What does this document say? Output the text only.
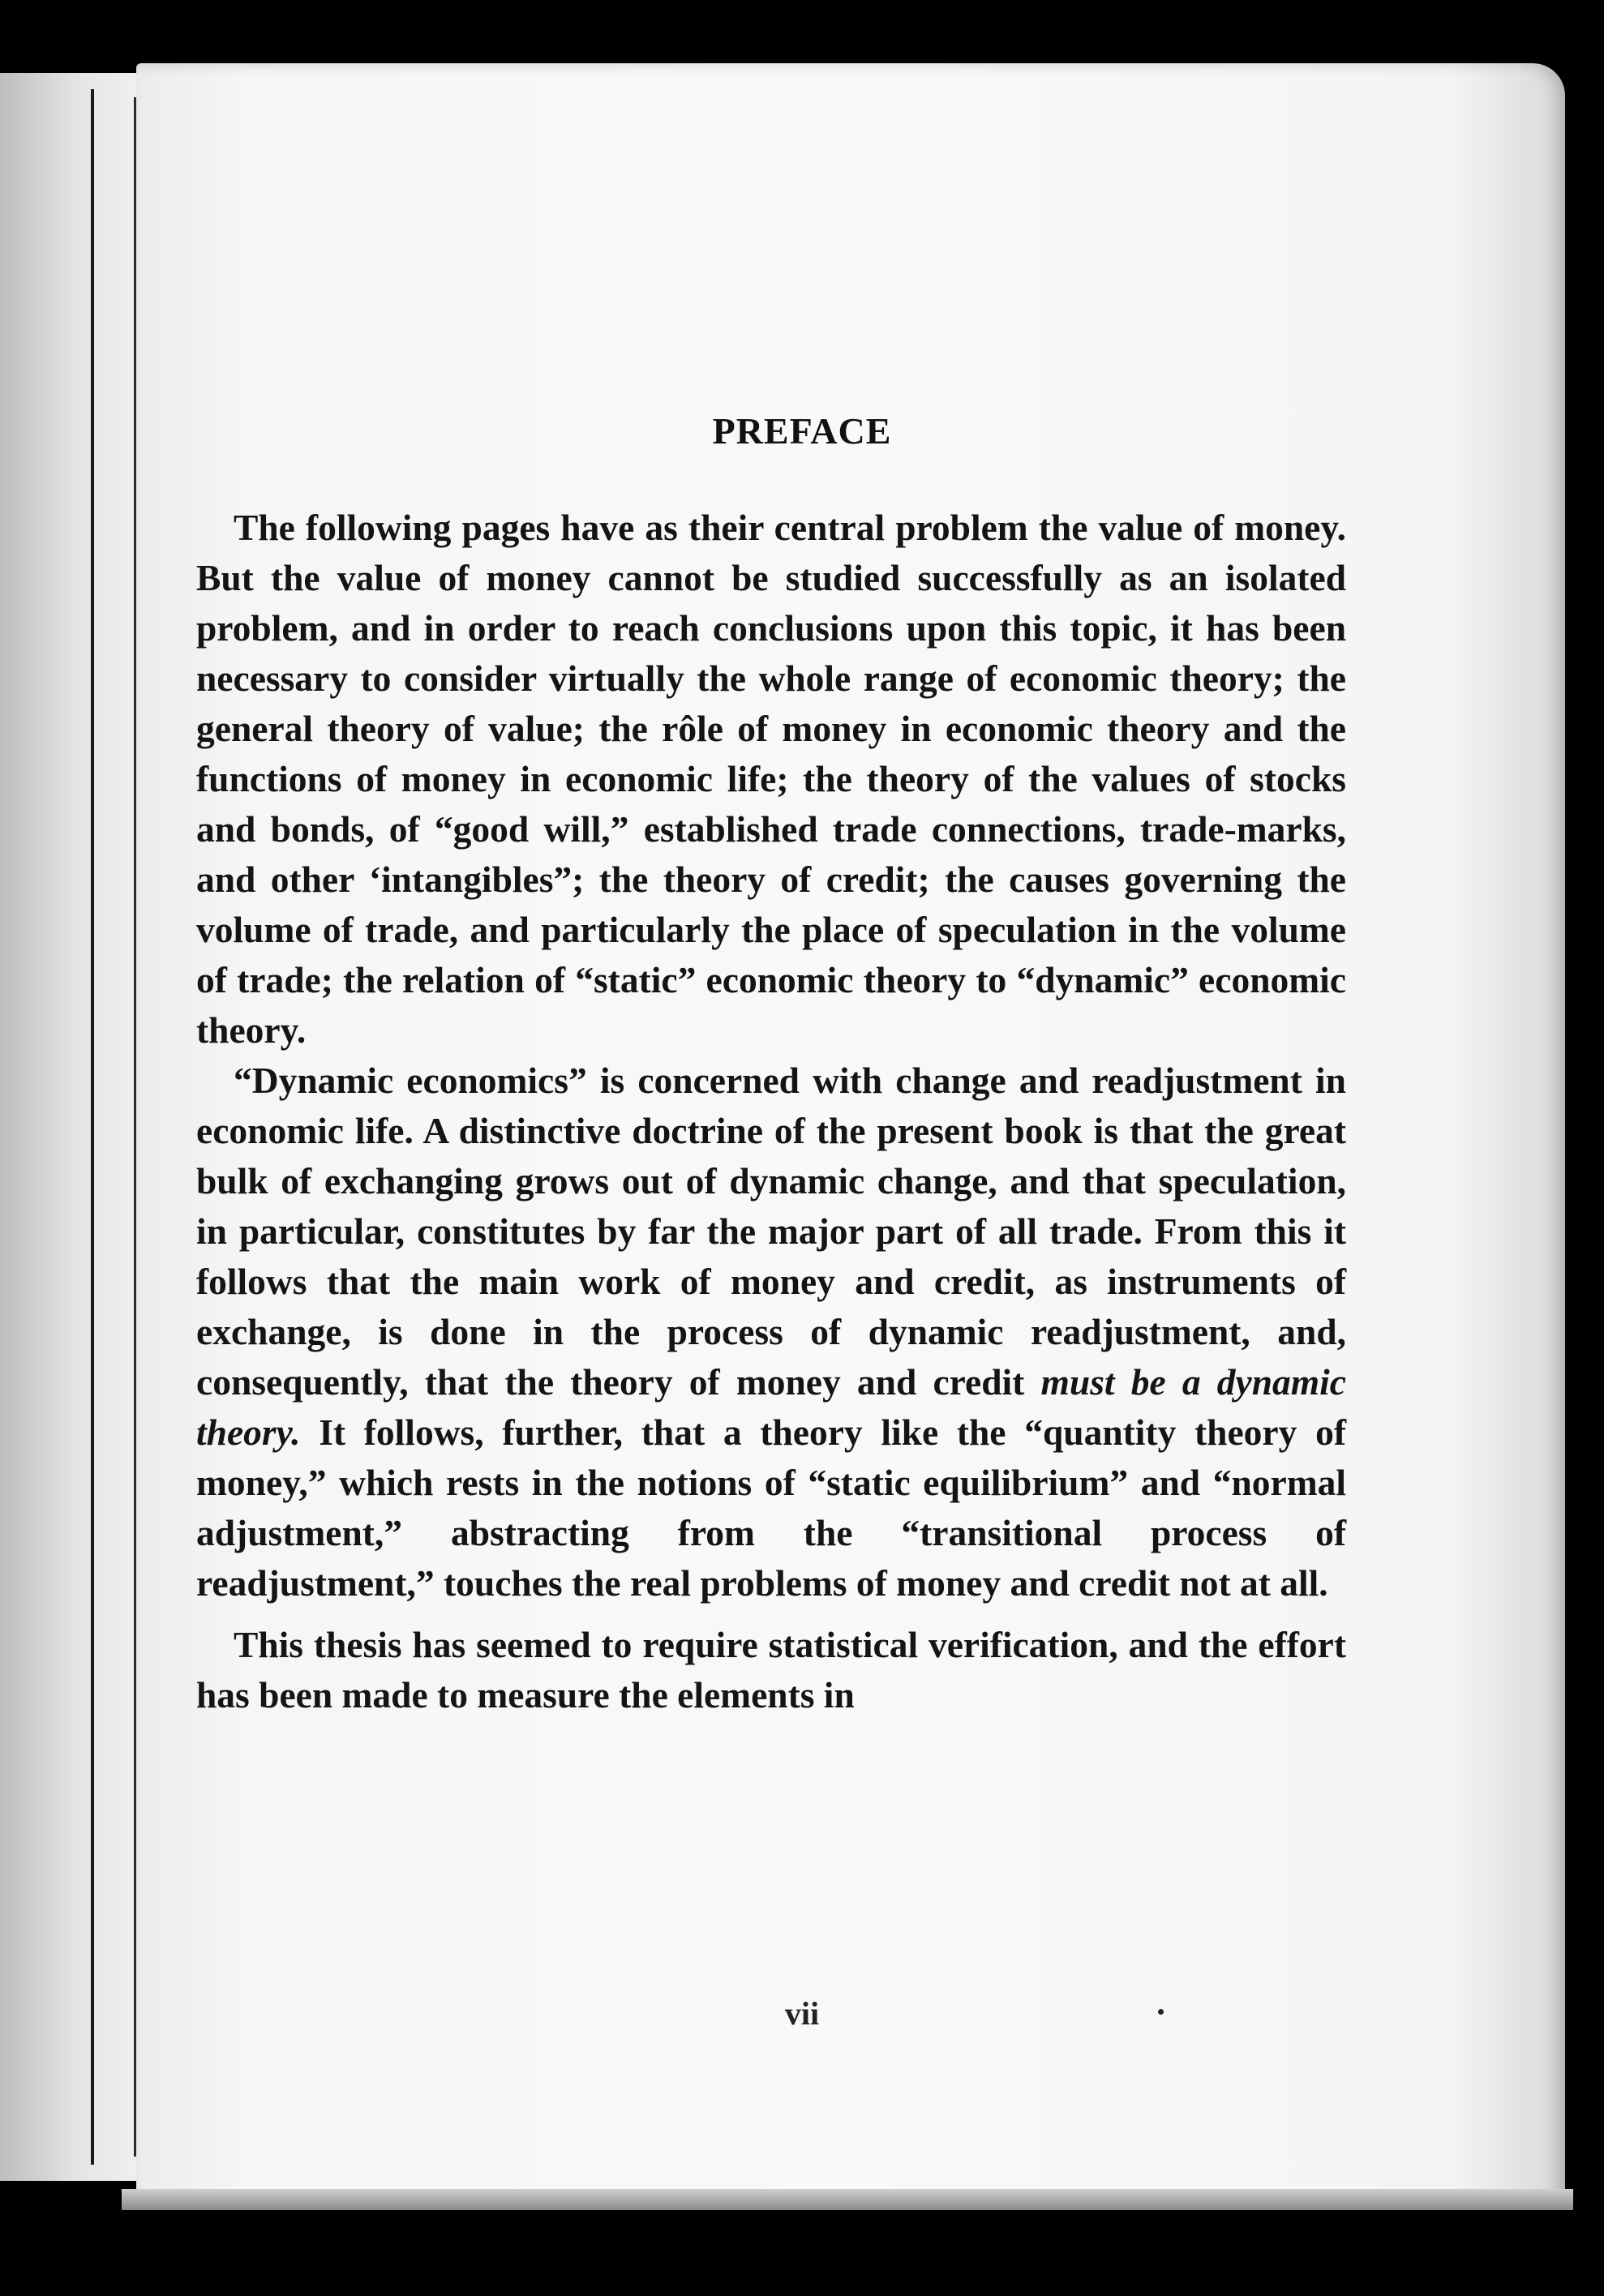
PREFACE

The following pages have as their central problem the value of money. But the value of money cannot be studied successfully as an isolated problem, and in order to reach conclusions upon this topic, it has been necessary to consider virtually the whole range of economic theory; the general theory of value; the rôle of money in economic theory and the functions of money in economic life; the theory of the values of stocks and bonds, of “good will,” established trade connections, trade-marks, and other ‘intangibles”; the theory of credit; the causes governing the volume of trade, and particularly the place of speculation in the volume of trade; the relation of “static” economic theory to “dynamic” economic theory.

“Dynamic economics” is concerned with change and readjustment in economic life. A distinctive doctrine of the present book is that the great bulk of exchanging grows out of dynamic change, and that speculation, in particular, constitutes by far the major part of all trade. From this it follows that the main work of money and credit, as instruments of exchange, is done in the process of dynamic readjustment, and, consequently, that the theory of money and credit must be a dynamic theory. It follows, further, that a theory like the “quantity theory of money,” which rests in the notions of “static equilibrium” and “normal adjustment,” abstracting from the “transitional process of readjustment,” touches the real problems of money and credit not at all.

This thesis has seemed to require statistical verification, and the effort has been made to measure the elements in

vii
